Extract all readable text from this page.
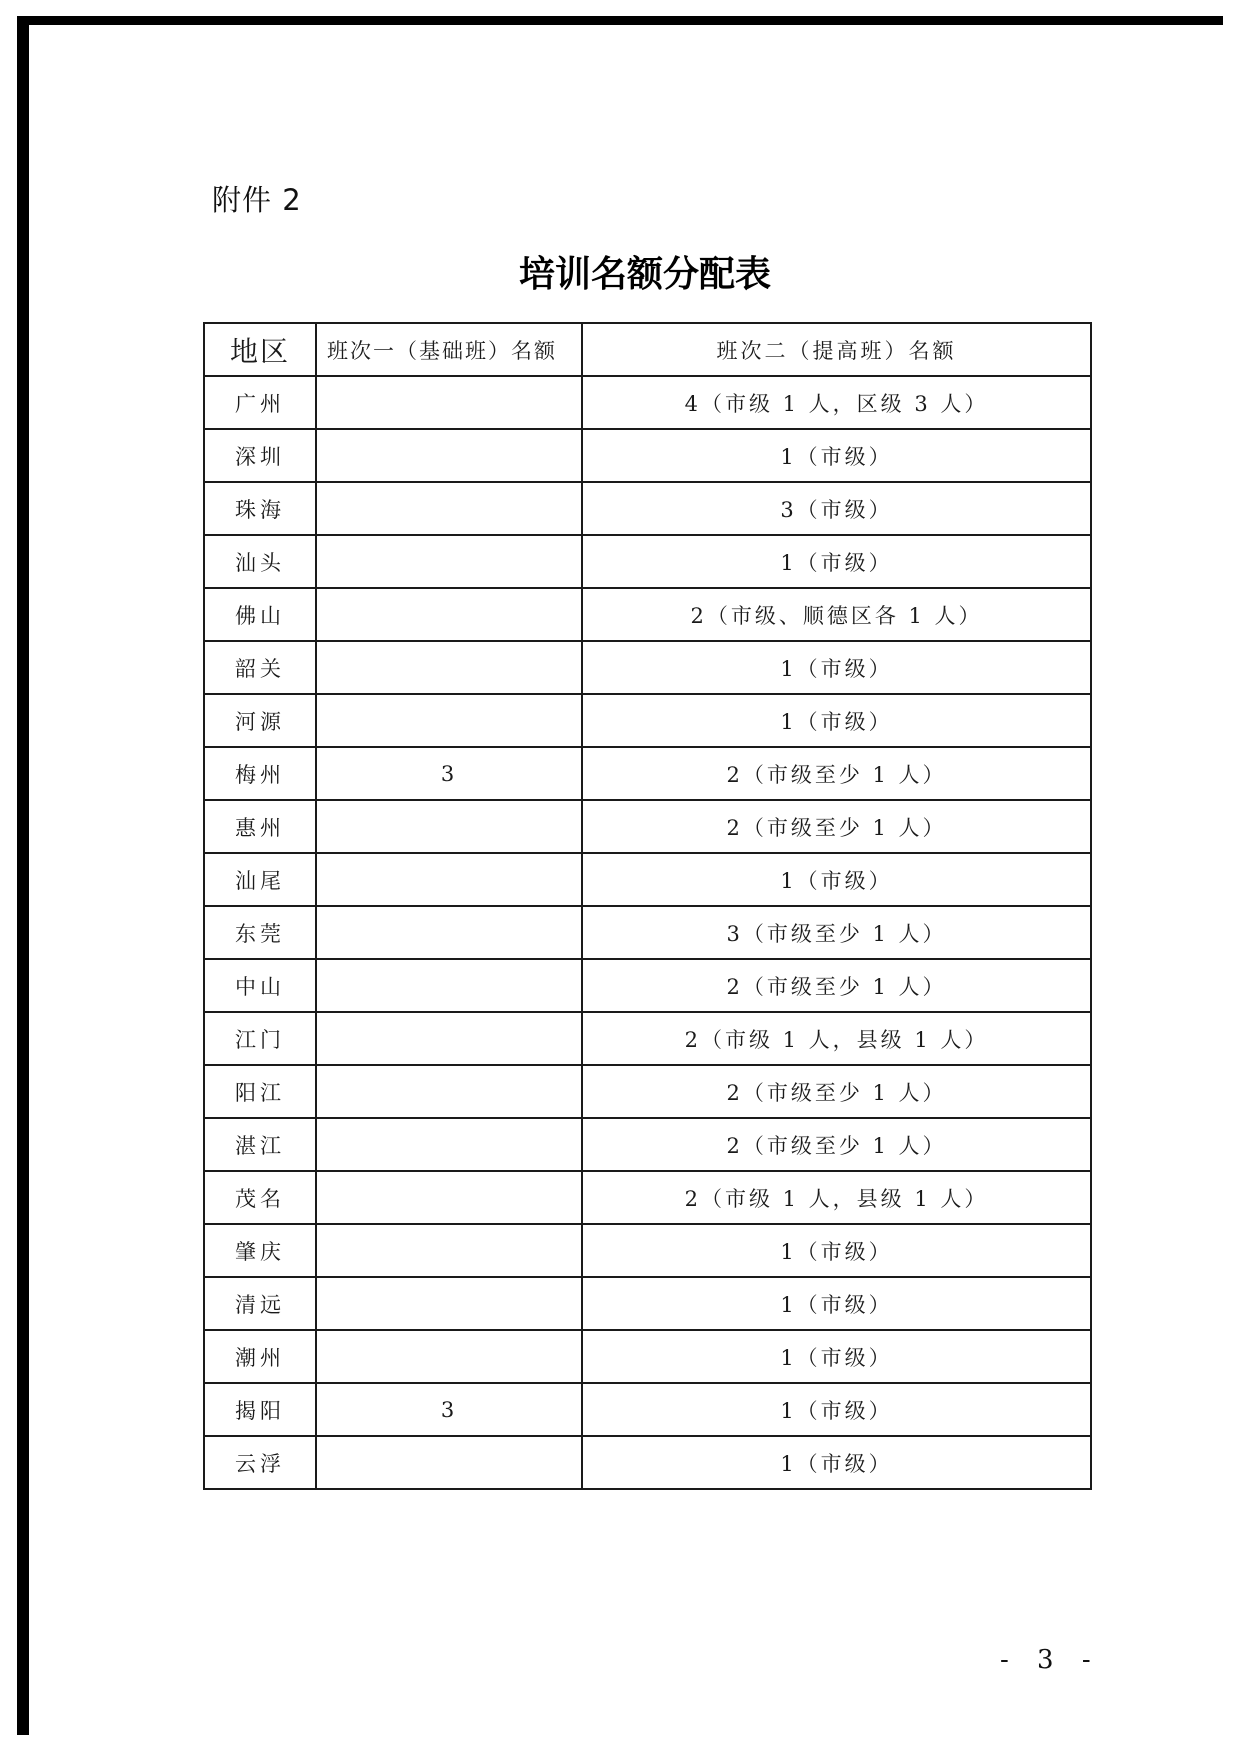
附件 2
培训名额分配表
地区	班次一（基础班）名额	班次二（提高班）名额
广州		4（市级 1 人，区级 3 人）
深圳		1（市级）
珠海		3（市级）
汕头		1（市级）
佛山		2（市级、顺德区各 1 人）
韶关		1（市级）
河源		1（市级）
梅州	3	2（市级至少 1 人）
惠州		2（市级至少 1 人）
汕尾		1（市级）
东莞		3（市级至少 1 人）
中山		2（市级至少 1 人）
江门		2（市级 1 人，县级 1 人）
阳江		2（市级至少 1 人）
湛江		2（市级至少 1 人）
茂名		2（市级 1 人，县级 1 人）
肇庆		1（市级）
清远		1（市级）
潮州		1（市级）
揭阳	3	1（市级）
云浮		1（市级）
- 3 -
